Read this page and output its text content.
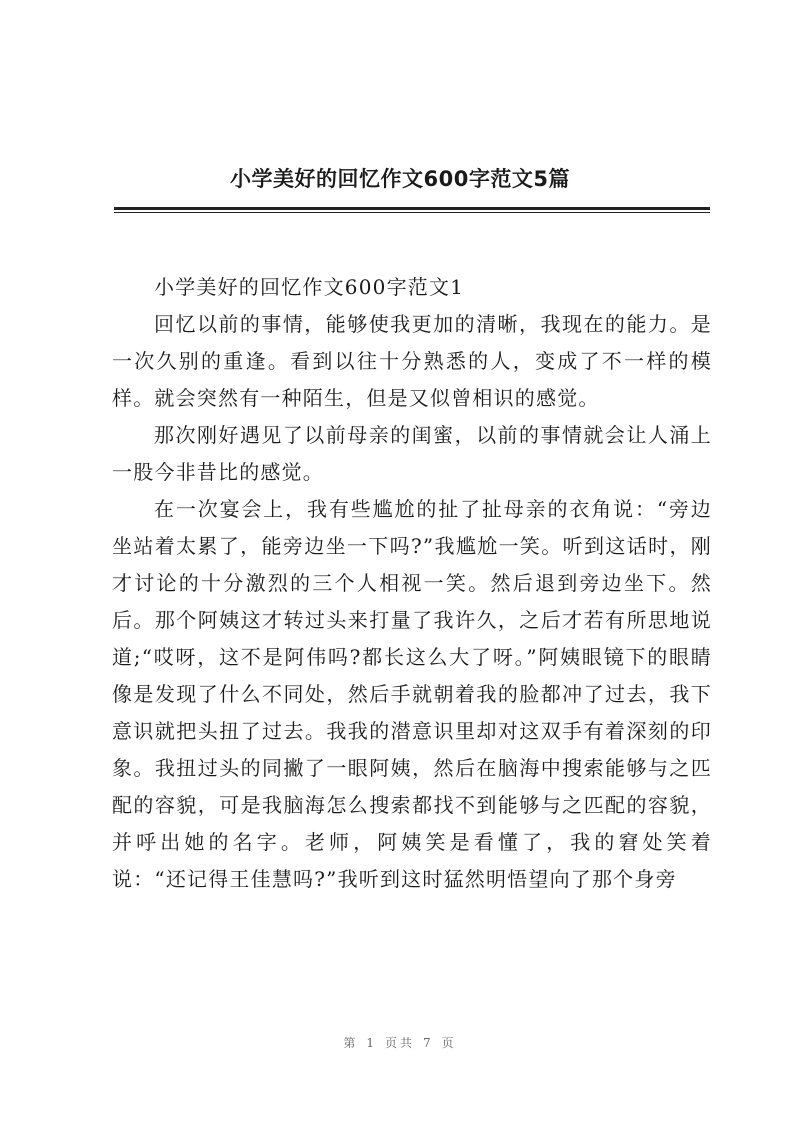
小学美好的回忆作文600字范文5篇

小学美好的回忆作文600字范文1

回忆以前的事情，能够使我更加的清晰，我现在的能力。是一次久别的重逢。看到以往十分熟悉的人，变成了不一样的模样。就会突然有一种陌生，但是又似曾相识的感觉。

那次刚好遇见了以前母亲的闺蜜，以前的事情就会让人涌上一股今非昔比的感觉。

在一次宴会上，我有些尴尬的扯了扯母亲的衣角说：“旁边坐站着太累了，能旁边坐一下吗?”我尴尬一笑。听到这话时，刚才讨论的十分激烈的三个人相视一笑。然后退到旁边坐下。然后。那个阿姨这才转过头来打量了我许久，之后才若有所思地说道;“哎呀，这不是阿伟吗?都长这么大了呀。”阿姨眼镜下的眼睛像是发现了什么不同处，然后手就朝着我的脸都冲了过去，我下意识就把头扭了过去。我我的潜意识里却对这双手有着深刻的印象。我扭过头的同撇了一眼阿姨，然后在脑海中搜索能够与之匹配的容貌，可是我脑海怎么搜索都找不到能够与之匹配的容貌，并呼出她的名字。老师，阿姨笑是看懂了，我的窘处笑着说：“还记得王佳慧吗?”我听到这时猛然明悟望向了那个身旁

第 1 页共 7 页
